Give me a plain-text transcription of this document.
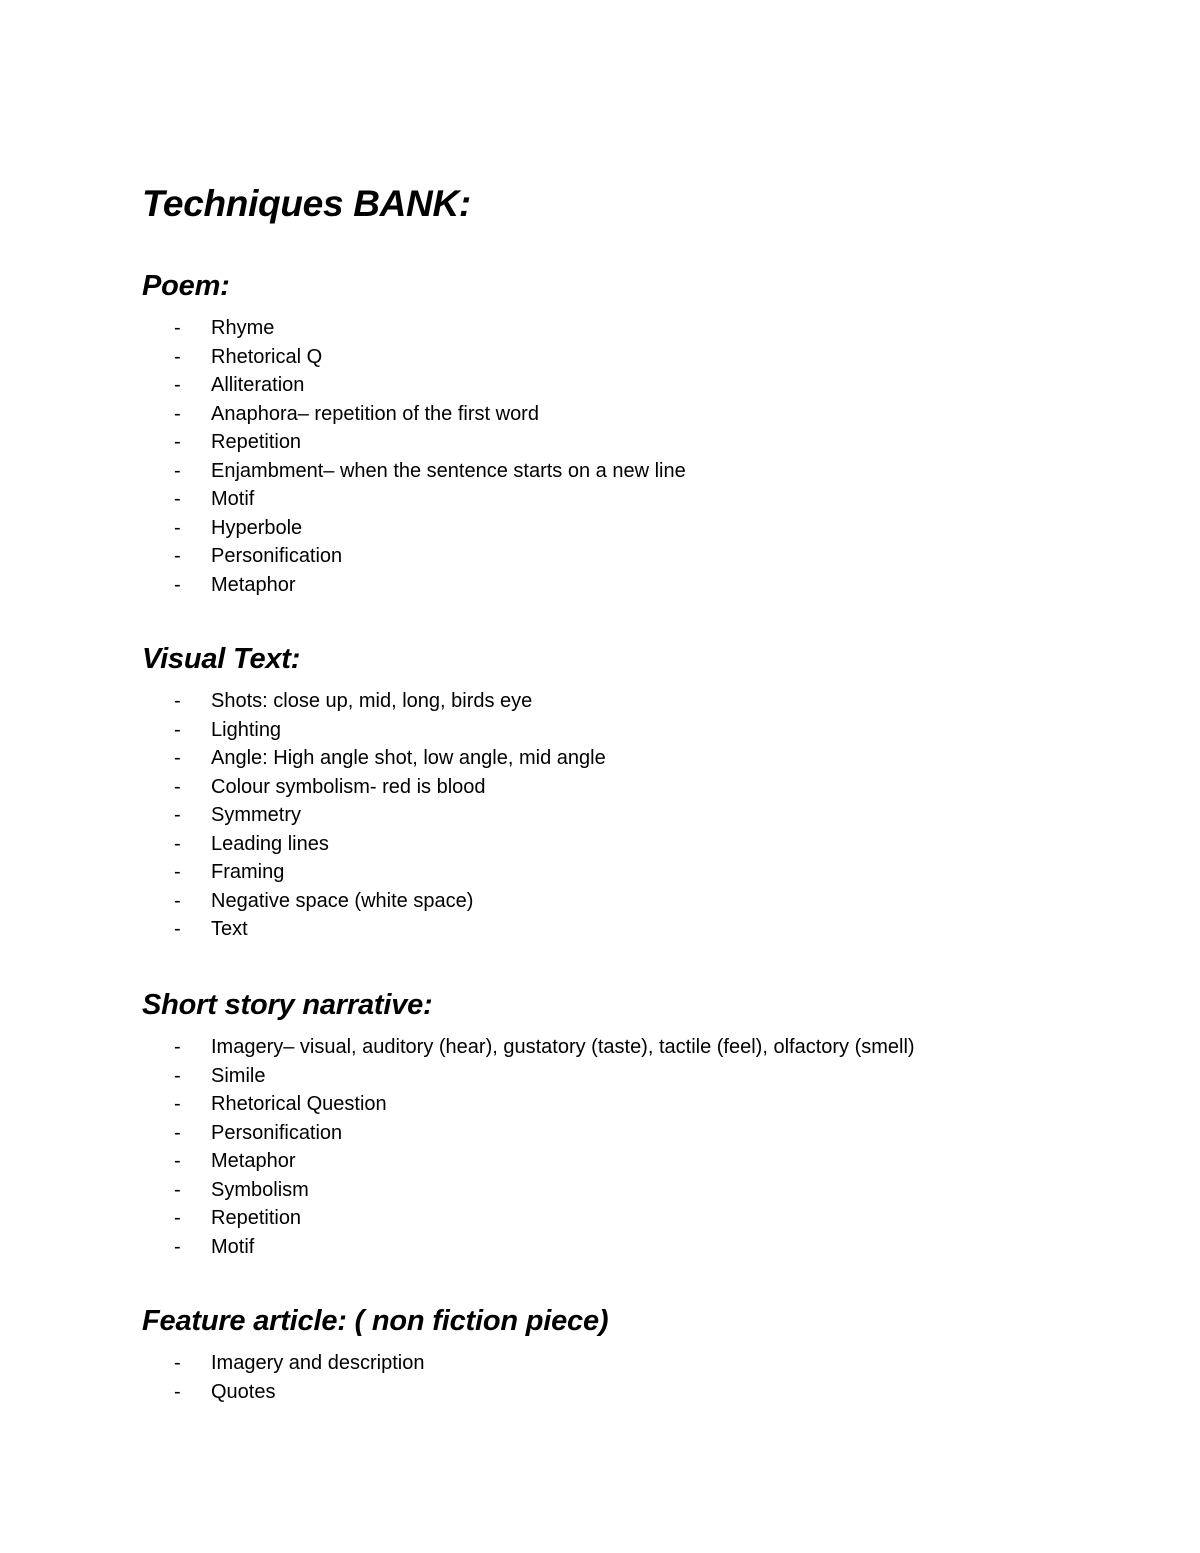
Techniques BANK:
Poem:
- Rhyme
- Rhetorical Q
- Alliteration
- Anaphora– repetition of the first word
- Repetition
- Enjambment– when the sentence starts on a new line
- Motif
- Hyperbole
- Personification
- Metaphor
Visual Text:
- Shots: close up, mid, long, birds eye
- Lighting
- Angle: High angle shot, low angle, mid angle
- Colour symbolism- red is blood
- Symmetry
- Leading lines
- Framing
- Negative space (white space)
- Text
Short story narrative:
- Imagery– visual, auditory (hear), gustatory (taste), tactile (feel), olfactory (smell)
- Simile
- Rhetorical Question
- Personification
- Metaphor
- Symbolism
- Repetition
- Motif
Feature article: ( non fiction piece)
- Imagery and description
- Quotes
